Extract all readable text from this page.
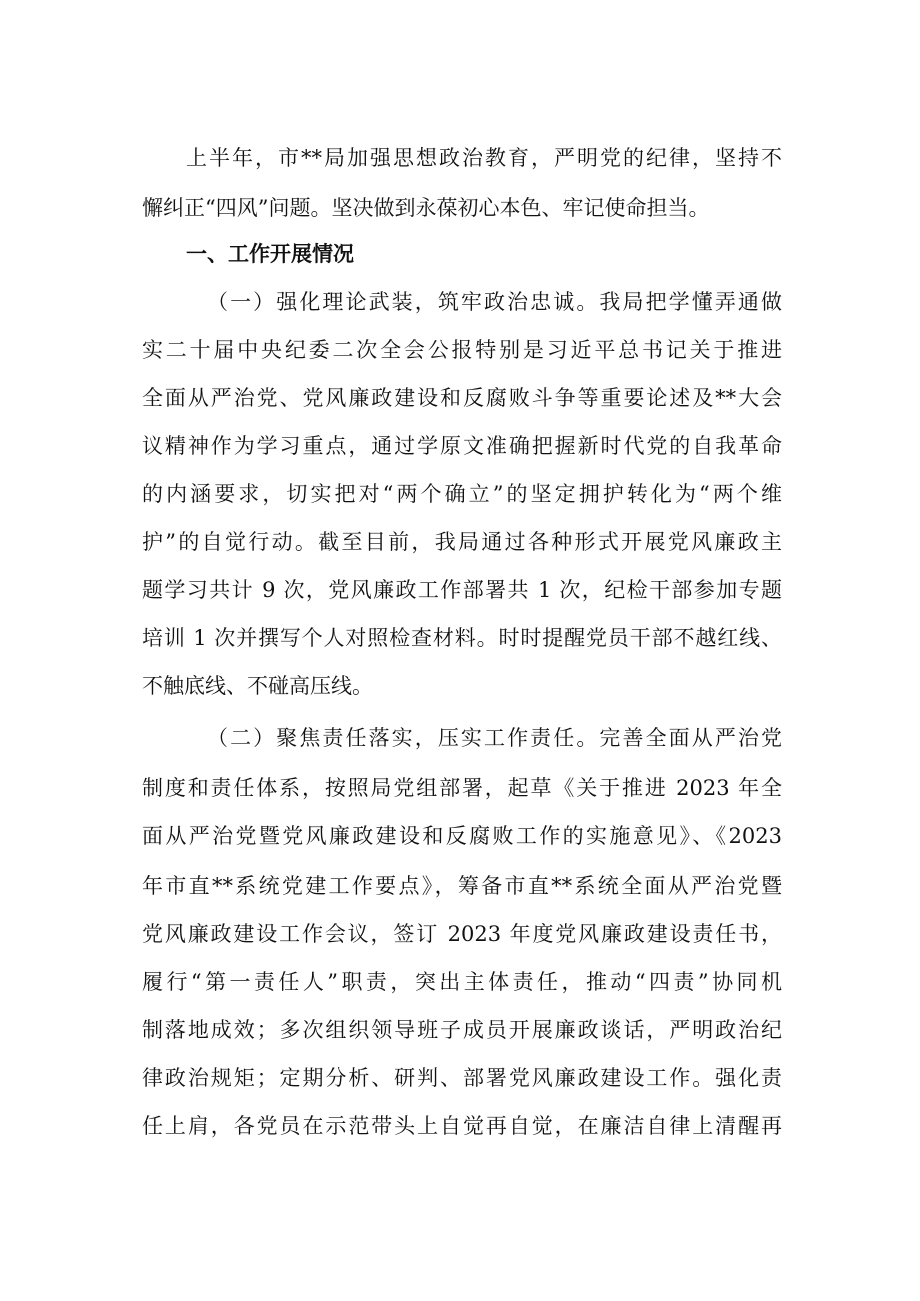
上半年，市**局加强思想政治教育，严明党的纪律，坚持不
懈纠正“四风”问题。坚决做到永葆初心本色、牢记使命担当。
一、工作开展情况
（一）强化理论武装，筑牢政治忠诚。我局把学懂弄通做
实二十届中央纪委二次全会公报特别是习近平总书记关于推进
全面从严治党、党风廉政建设和反腐败斗争等重要论述及**大会
议精神作为学习重点，通过学原文准确把握新时代党的自我革命
的内涵要求，切实把对“两个确立”的坚定拥护转化为“两个维
护”的自觉行动。截至目前，我局通过各种形式开展党风廉政主
题学习共计 9 次，党风廉政工作部署共 1 次，纪检干部参加专题
培训 1 次并撰写个人对照检查材料。时时提醒党员干部不越红线、
不触底线、不碰高压线。
（二）聚焦责任落实，压实工作责任。完善全面从严治党
制度和责任体系，按照局党组部署，起草《关于推进 2023 年全
面从严治党暨党风廉政建设和反腐败工作的实施意见》、《2023
年市直**系统党建工作要点》，筹备市直**系统全面从严治党暨
党风廉政建设工作会议，签订 2023 年度党风廉政建设责任书，
履行“第一责任人”职责，突出主体责任，推动“四责”协同机
制落地成效；多次组织领导班子成员开展廉政谈话，严明政治纪
律政治规矩；定期分析、研判、部署党风廉政建设工作。强化责
任上肩，各党员在示范带头上自觉再自觉，在廉洁自律上清醒再
